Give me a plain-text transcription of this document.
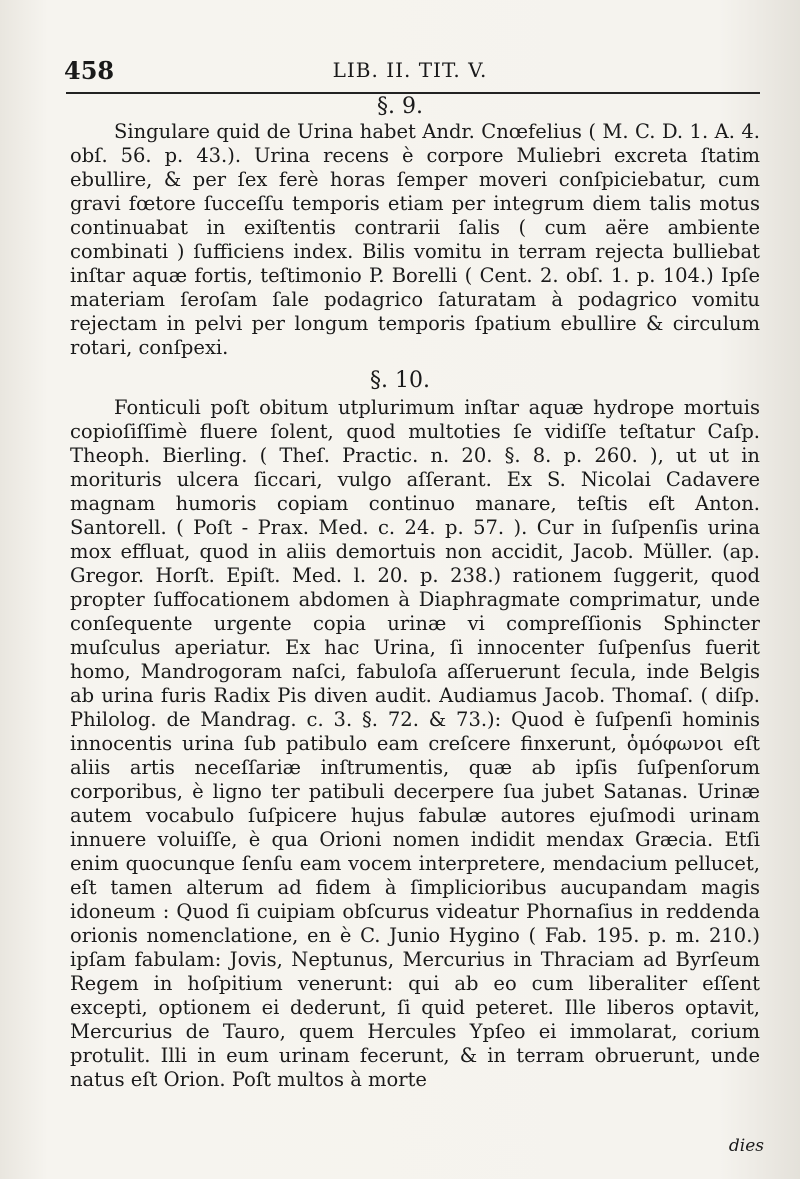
458	LIB. II. TIT. V.
§. 9.
Singulare quid de Urina habet Andr. Cnœfelius ( M. C. D. 1. A. 4. obſ. 56. p. 43.). Urina recens è corpore Muliebri excreta ſtatim ebullire, & per ſex ferè horas ſemper moveri conſpiciebatur, cum gravi fœtore ſucceſſu temporis etiam per integrum diem talis motus continuabat in exiſtentis contrarii ſalis ( cum aëre ambiente combinati ) ſufficiens index. Bilis vomitu in terram rejecta bulliebat inſtar aquæ fortis, teſtimonio P. Borelli ( Cent. 2. obſ. 1. p. 104.) Ipſe materiam ſeroſam ſale podagrico ſaturatam à podagrico vomitu rejectam in pelvi per longum temporis ſpatium ebullire & circulum rotari, conſpexi.
§. 10.
Fonticuli poſt obitum utplurimum inſtar aquæ hydrope mortuis copioſiſſimè fluere ſolent, quod multoties ſe vidiſſe teſtatur Caſp. Theoph. Bierling. ( Theſ. Practic. n. 20. §. 8. p. 260. ), ut ut in morituris ulcera ſiccari, vulgo aſſerant. Ex S. Nicolai Cadavere magnam humoris copiam continuo manare, teſtis eſt Anton. Santorell. ( Poſt - Prax. Med. c. 24. p. 57. ). Cur in ſuſpenſis urina mox effluat, quod in aliis demortuis non accidit, Jacob. Müller. (ap. Gregor. Horſt. Epiſt. Med. l. 20. p. 238.) rationem ſuggerit, quod propter ſuffocationem abdomen à Diaphragmate comprimatur, unde conſequente urgente copia urinæ vi compreſſionis Sphincter muſculus aperiatur. Ex hac Urina, ſi innocenter ſuſpenſus fuerit homo, Mandrogoram naſci, fabuloſa aſſeruerunt ſecula, inde Belgis ab urina furis Radix Pis diven audit. Audiamus Jacob. Thomaſ. ( diſp. Philolog. de Mandrag. c. 3. §. 72. & 73.): Quod è ſuſpenſi hominis innocentis urina ſub patibulo eam creſcere finxerunt, ὁμόφωνοι eſt aliis artis neceſſariæ inſtrumentis, quæ ab ipſis ſuſpenſorum corporibus, è ligno ter patibuli decerpere ſua jubet Satanas. Urinæ autem vocabulo ſuſpicere hujus fabulæ autores ejuſmodi urinam innuere voluiſſe, è qua Orioni nomen indidit mendax Græcia. Etſi enim quocunque ſenſu eam vocem interpretere, mendacium pellucet, eſt tamen alterum ad fidem à ſimplicioribus aucupandam magis idoneum : Quod ſi cuipiam obſcurus videatur Phornaſius in reddenda orionis nomenclatione, en è C. Junio Hygino ( Fab. 195. p. m. 210.) ipſam fabulam: Jovis, Neptunus, Mercurius in Thraciam ad Byrſeum Regem in hoſpitium venerunt: qui ab eo cum liberaliter eſſent excepti, optionem ei dederunt, ſi quid peteret. Ille liberos optavit, Mercurius de Tauro, quem Hercules Ypſeo ei immolarat, corium protulit. Illi in eum urinam fecerunt, & in terram obruerunt, unde natus eſt Orion. Poſt multos à morte
dies
